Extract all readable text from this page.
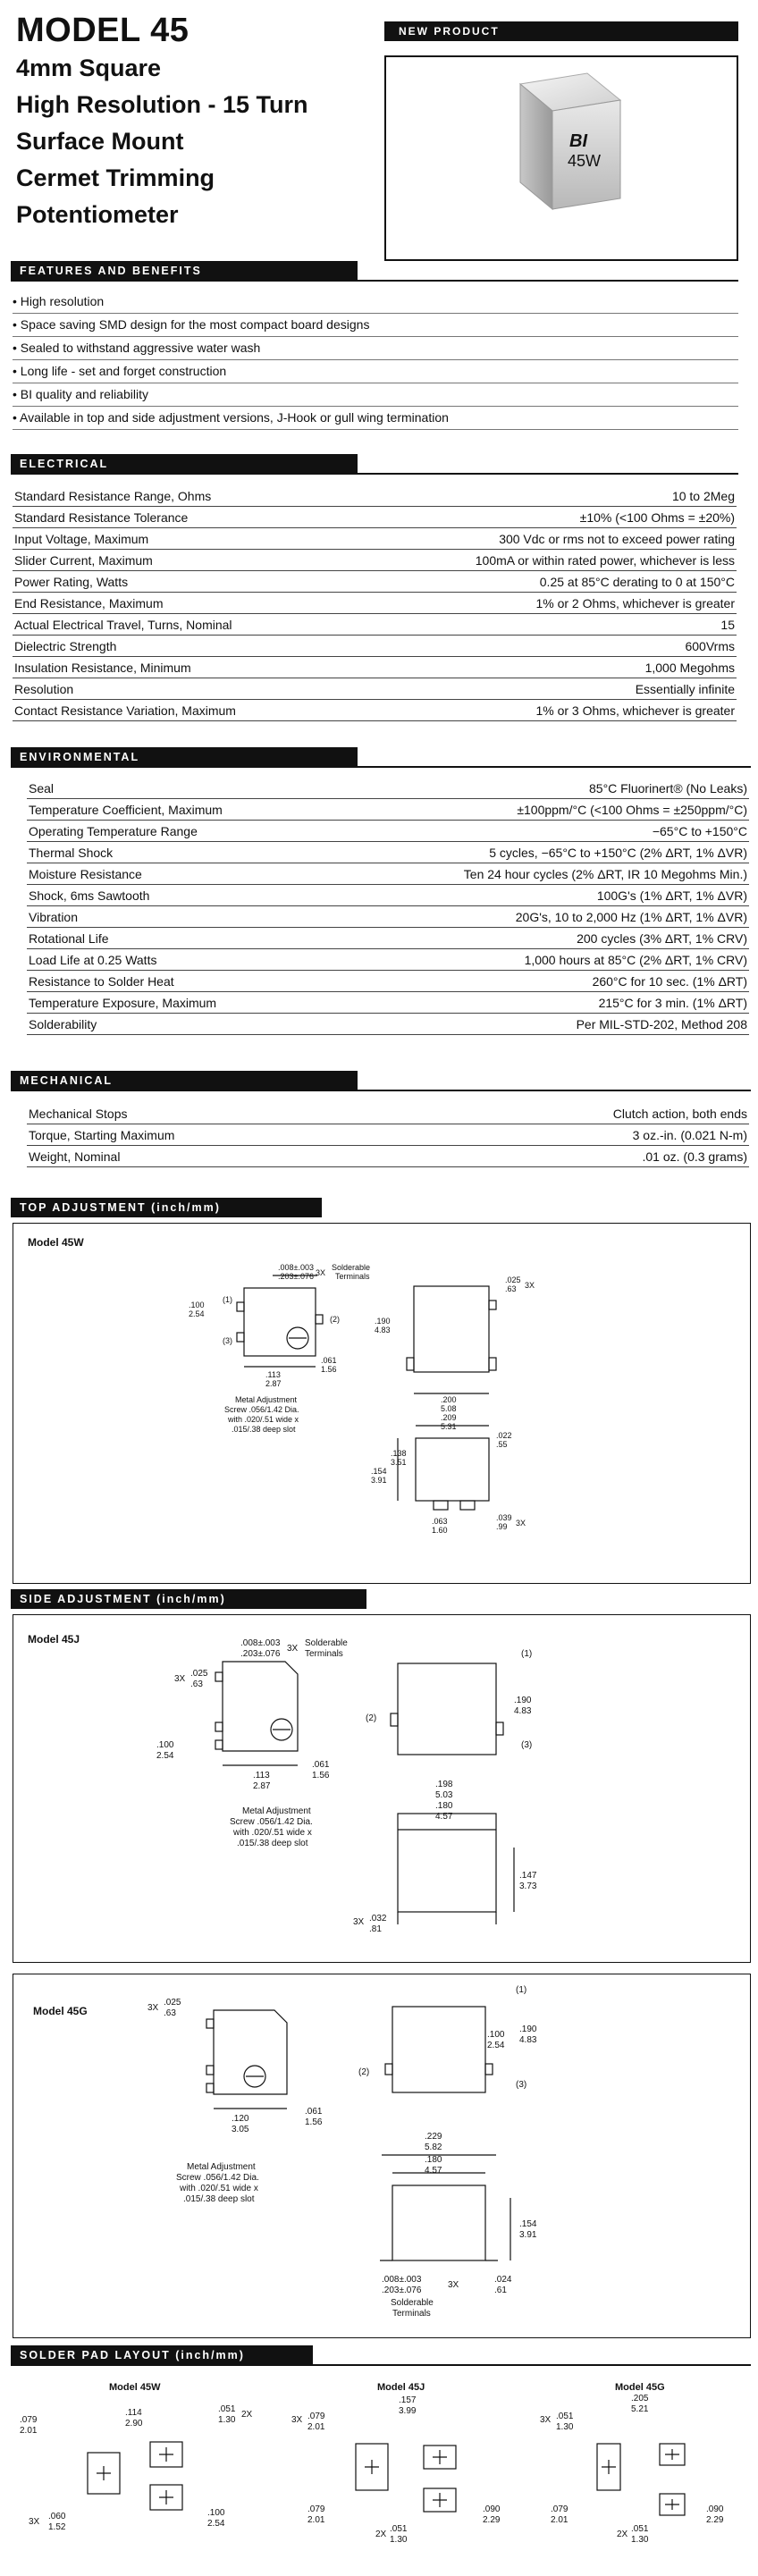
MODEL 45
4mm Square
High Resolution - 15 Turn
Surface Mount
Cermet Trimming
Potentiometer
NEW PRODUCT
BI
45W
FEATURES AND BENEFITS
• High resolution
• Space saving SMD design for the most compact board designs
• Sealed to withstand aggressive water wash
• Long life - set and forget construction
• BI quality and reliability
• Available in top and side adjustment versions, J-Hook or gull wing termination
ELECTRICAL
Standard Resistance Range, Ohms	10 to 2Meg
Standard Resistance Tolerance	±10% (<100 Ohms = ±20%)
Input Voltage, Maximum	300 Vdc or rms not to exceed power rating
Slider Current, Maximum	100mA or within rated power, whichever is less
Power Rating, Watts	0.25 at 85°C derating to 0 at 150°C
End Resistance, Maximum	1% or 2 Ohms, whichever is greater
Actual Electrical Travel, Turns, Nominal	15
Dielectric Strength	600Vrms
Insulation Resistance, Minimum	1,000 Megohms
Resolution	Essentially infinite
Contact Resistance Variation, Maximum	1% or 3 Ohms, whichever is greater
ENVIRONMENTAL
Seal	85°C Fluorinert® (No Leaks)
Temperature Coefficient, Maximum	±100ppm/°C (<100 Ohms = ±250ppm/°C)
Operating Temperature Range	−65°C to +150°C
Thermal Shock	5 cycles, −65°C to +150°C (2% ΔRT, 1% ΔVR)
Moisture Resistance	Ten 24 hour cycles (2% ΔRT, IR 10 Megohms Min.)
Shock, 6ms Sawtooth	100G's (1% ΔRT, 1% ΔVR)
Vibration	20G's, 10 to 2,000 Hz (1% ΔRT, 1% ΔVR)
Rotational Life	200 cycles (3% ΔRT, 1% CRV)
Load Life at 0.25 Watts	1,000 hours at 85°C (2% ΔRT, 1% CRV)
Resistance to Solder Heat	260°C for 10 sec. (1% ΔRT)
Temperature Exposure, Maximum	215°C for 3 min. (1% ΔRT)
Solderability	Per MIL-STD-202, Method 208
MECHANICAL
Mechanical Stops	Clutch action, both ends
Torque, Starting Maximum	3 oz.-in. (0.021 N-m)
Weight, Nominal	.01 oz. (0.3 grams)
TOP ADJUSTMENT (inch/mm)
Model 45W
.008±.003
.203±.076 3X
Solderable
Terminals
.100
2.54
(1)
(2)
(3)
.113
2.87
.061
1.56
Metal Adjustment
Screw .056/1.42 Dia.
with .020/.51 wide x
.015/.38 deep slot
.190
4.83
.025
.63 3X
.200
5.08
.209
5.31
.022
.55
.138
3.51
.154
3.91
.063
1.60
.039
.99 3X
SIDE ADJUSTMENT (inch/mm)
Model 45J	.008±.003
.203±.076
3X
Solderable
Terminals
3X
.025
.63
.100
2.54
.113
2.87
.061
1.56
Metal Adjustment
Screw .056/1.42 Dia.
with .020/.51 wide x
.015/.38 deep slot
(1)
(2)
(3)
.190
4.83
.198
5.03
.180
4.57
.147
3.73
3X .032
.81
Model 45G	3X
.025
.63
.120
3.05
.061
1.56
Metal Adjustment
Screw .056/1.42 Dia.
with .020/.51 wide x
.015/.38 deep slot
(1)
(2)
(3)
.100
2.54
.190
4.83
.229
5.82
.180
4.57
.154
3.91
.008±.003
.203±.076
3X
Solderable
Terminals
.024
.61
SOLDER PAD LAYOUT (inch/mm)
Model 45W	Model 45J	Model 45G
.079
2.01
.114
2.90
.051
1.30
2X
.060
1.52
3X
.100
2.54
.157
3.99
3X .079
2.01
.079
2.01
2X
.051
1.30
.090
2.29
.205
5.21
3X .051
1.30
.079
2.01
2X
.051
1.30
.090
2.29
